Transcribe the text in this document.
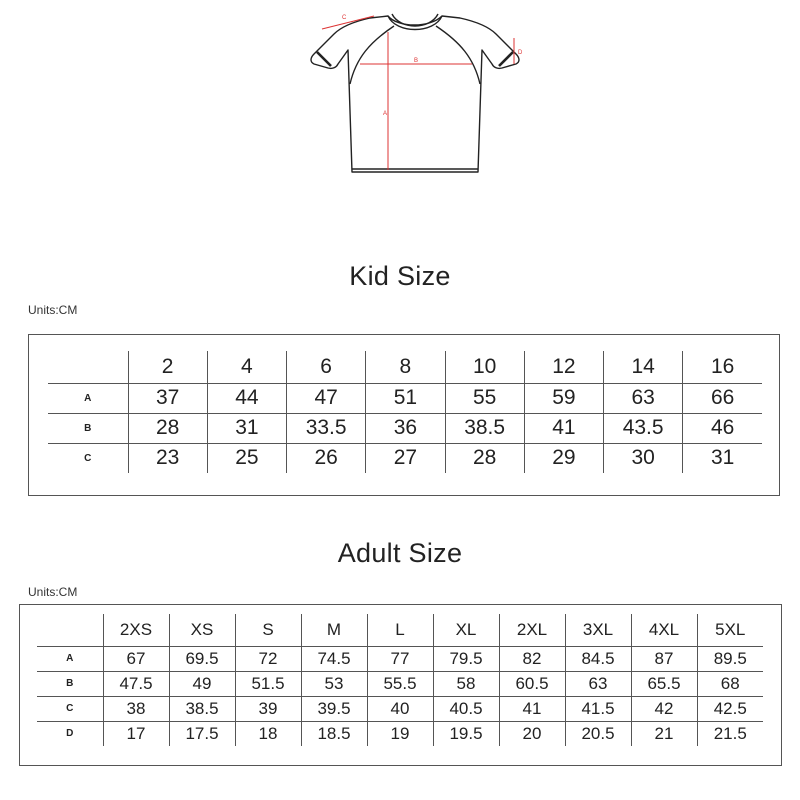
C
D
B
A
Kid Size
Units:CM
	2	4	6	8	10	12	14	16
A	37	44	47	51	55	59	63	66
B	28	31	33.5	36	38.5	41	43.5	46
C	23	25	26	27	28	29	30	31
Adult Size
Units:CM
	2XS	XS	S	M	L	XL	2XL	3XL	4XL	5XL
A	67	69.5	72	74.5	77	79.5	82	84.5	87	89.5
B	47.5	49	51.5	53	55.5	58	60.5	63	65.5	68
C	38	38.5	39	39.5	40	40.5	41	41.5	42	42.5
D	17	17.5	18	18.5	19	19.5	20	20.5	21	21.5
